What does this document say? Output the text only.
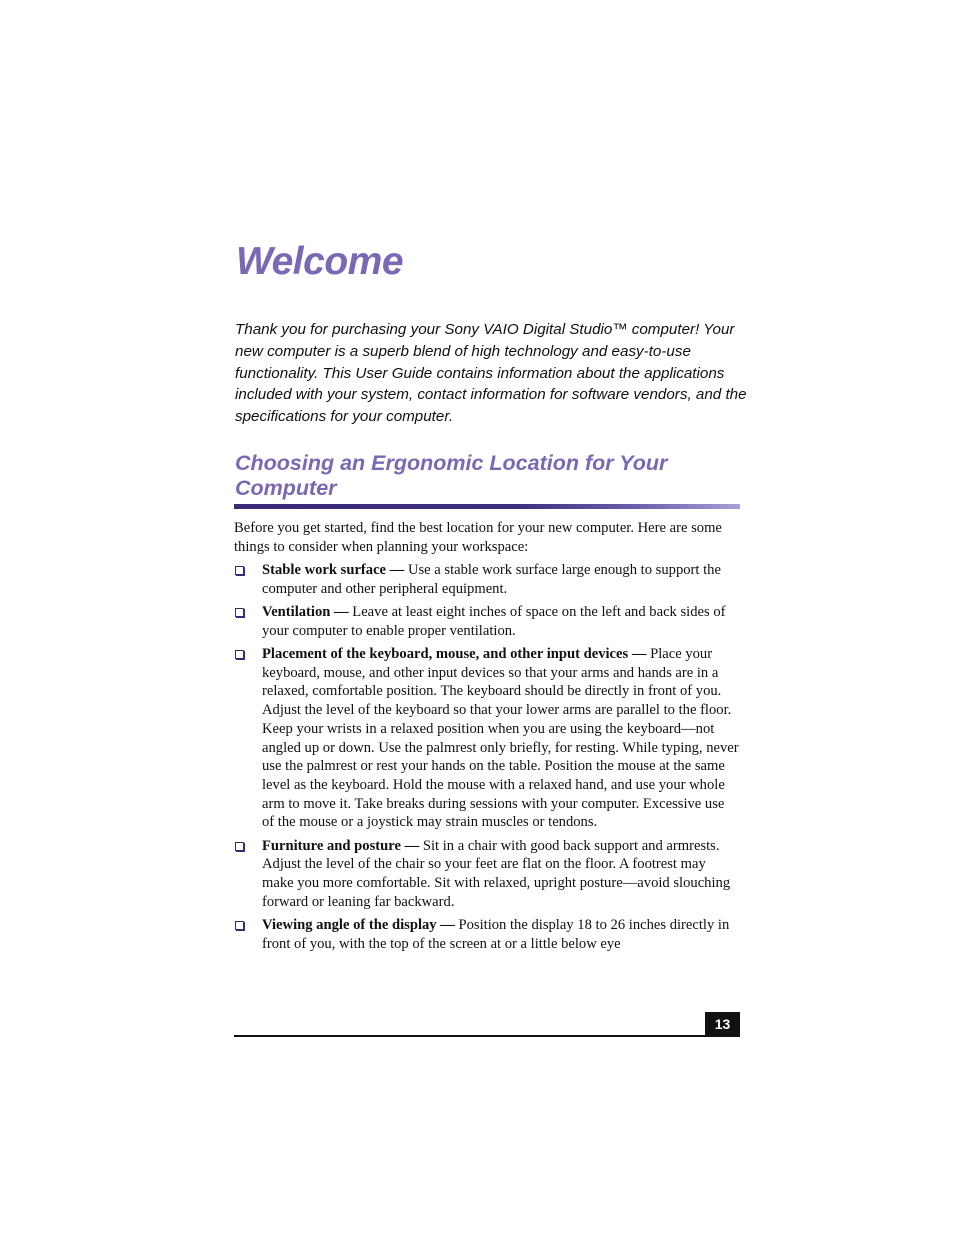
Welcome

Thank you for purchasing your Sony VAIO Digital Studio™ computer! Your new computer is a superb blend of high technology and easy-to-use functionality. This User Guide contains information about the applications included with your system, contact information for software vendors, and the specifications for your computer.

Choosing an Ergonomic Location for Your Computer

Before you get started, find the best location for your new computer. Here are some things to consider when planning your workspace:

Stable work surface — Use a stable work surface large enough to support the computer and other peripheral equipment.
Ventilation — Leave at least eight inches of space on the left and back sides of your computer to enable proper ventilation.
Placement of the keyboard, mouse, and other input devices — Place your keyboard, mouse, and other input devices so that your arms and hands are in a relaxed, comfortable position. The keyboard should be directly in front of you. Adjust the level of the keyboard so that your lower arms are parallel to the floor. Keep your wrists in a relaxed position when you are using the keyboard—not angled up or down. Use the palmrest only briefly, for resting. While typing, never use the palmrest or rest your hands on the table. Position the mouse at the same level as the keyboard. Hold the mouse with a relaxed hand, and use your whole arm to move it. Take breaks during sessions with your computer. Excessive use of the mouse or a joystick may strain muscles or tendons.
Furniture and posture — Sit in a chair with good back support and armrests. Adjust the level of the chair so your feet are flat on the floor. A footrest may make you more comfortable. Sit with relaxed, upright posture—avoid slouching forward or leaning far backward.
Viewing angle of the display — Position the display 18 to 26 inches directly in front of you, with the top of the screen at or a little below eye
13
